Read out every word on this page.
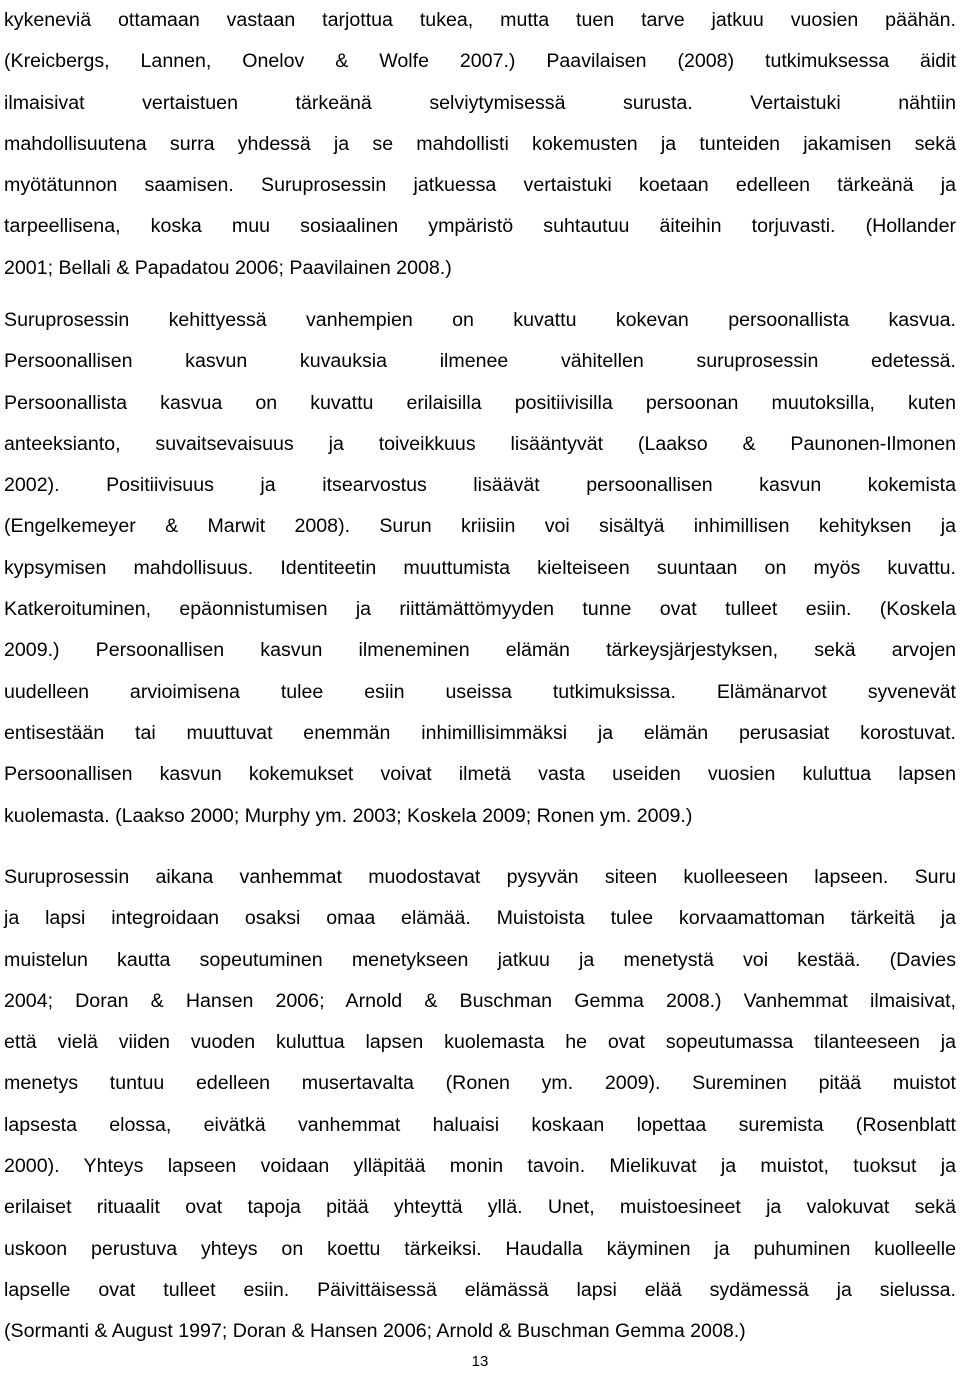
kykeneviä ottamaan vastaan tarjottua tukea, mutta tuen tarve jatkuu vuosien päähän.
(Kreicbergs, Lannen, Onelov & Wolfe 2007.) Paavilaisen (2008) tutkimuksessa äidit
ilmaisivat vertaistuen tärkeänä selviytymisessä surusta. Vertaistuki nähtiin
mahdollisuutena surra yhdessä ja se mahdollisti kokemusten ja tunteiden jakamisen sekä
myötätunnon saamisen. Suruprosessin jatkuessa vertaistuki koetaan edelleen tärkeänä ja
tarpeellisena, koska muu sosiaalinen ympäristö suhtautuu äiteihin torjuvasti. (Hollander
2001; Bellali & Papadatou 2006; Paavilainen 2008.)
Suruprosessin kehittyessä vanhempien on kuvattu kokevan persoonallista kasvua.
Persoonallisen kasvun kuvauksia ilmenee vähitellen suruprosessin edetessä.
Persoonallista kasvua on kuvattu erilaisilla positiivisilla persoonan muutoksilla, kuten
anteeksianto, suvaitsevaisuus ja toiveikkuus lisääntyvät (Laakso & Paunonen-Ilmonen
2002). Positiivisuus ja itsearvostus lisäävät persoonallisen kasvun kokemista
(Engelkemeyer & Marwit 2008). Surun kriisiin voi sisältyä inhimillisen kehityksen ja
kypsymisen mahdollisuus. Identiteetin muuttumista kielteiseen suuntaan on myös kuvattu.
Katkeroituminen, epäonnistumisen ja riittämättömyyden tunne ovat tulleet esiin. (Koskela
2009.) Persoonallisen kasvun ilmeneminen elämän tärkeysjärjestyksen, sekä arvojen
uudelleen arvioimisena tulee esiin useissa tutkimuksissa. Elämänarvot syvenevät
entisestään tai muuttuvat enemmän inhimillisimmäksi ja elämän perusasiat korostuvat.
Persoonallisen kasvun kokemukset voivat ilmetä vasta useiden vuosien kuluttua lapsen
kuolemasta. (Laakso 2000; Murphy ym. 2003; Koskela 2009; Ronen ym. 2009.)
Suruprosessin aikana vanhemmat muodostavat pysyvän siteen kuolleeseen lapseen. Suru
ja lapsi integroidaan osaksi omaa elämää. Muistoista tulee korvaamattoman tärkeitä ja
muistelun kautta sopeutuminen menetykseen jatkuu ja menetystä voi kestää. (Davies
2004; Doran & Hansen 2006; Arnold & Buschman Gemma 2008.) Vanhemmat ilmaisivat,
että vielä viiden vuoden kuluttua lapsen kuolemasta he ovat sopeutumassa tilanteeseen ja
menetys tuntuu edelleen musertavalta (Ronen ym. 2009). Sureminen pitää muistot
lapsesta elossa, eivätkä vanhemmat haluaisi koskaan lopettaa suremista (Rosenblatt
2000). Yhteys lapseen voidaan ylläpitää monin tavoin. Mielikuvat ja muistot, tuoksut ja
erilaiset rituaalit ovat tapoja pitää yhteyttä yllä. Unet, muistoesineet ja valokuvat sekä
uskoon perustuva yhteys on koettu tärkeiksi. Haudalla käyminen ja puhuminen kuolleelle
lapselle ovat tulleet esiin. Päivittäisessä elämässä lapsi elää sydämessä ja sielussa.
(Sormanti & August 1997; Doran & Hansen 2006; Arnold & Buschman Gemma 2008.)
13
